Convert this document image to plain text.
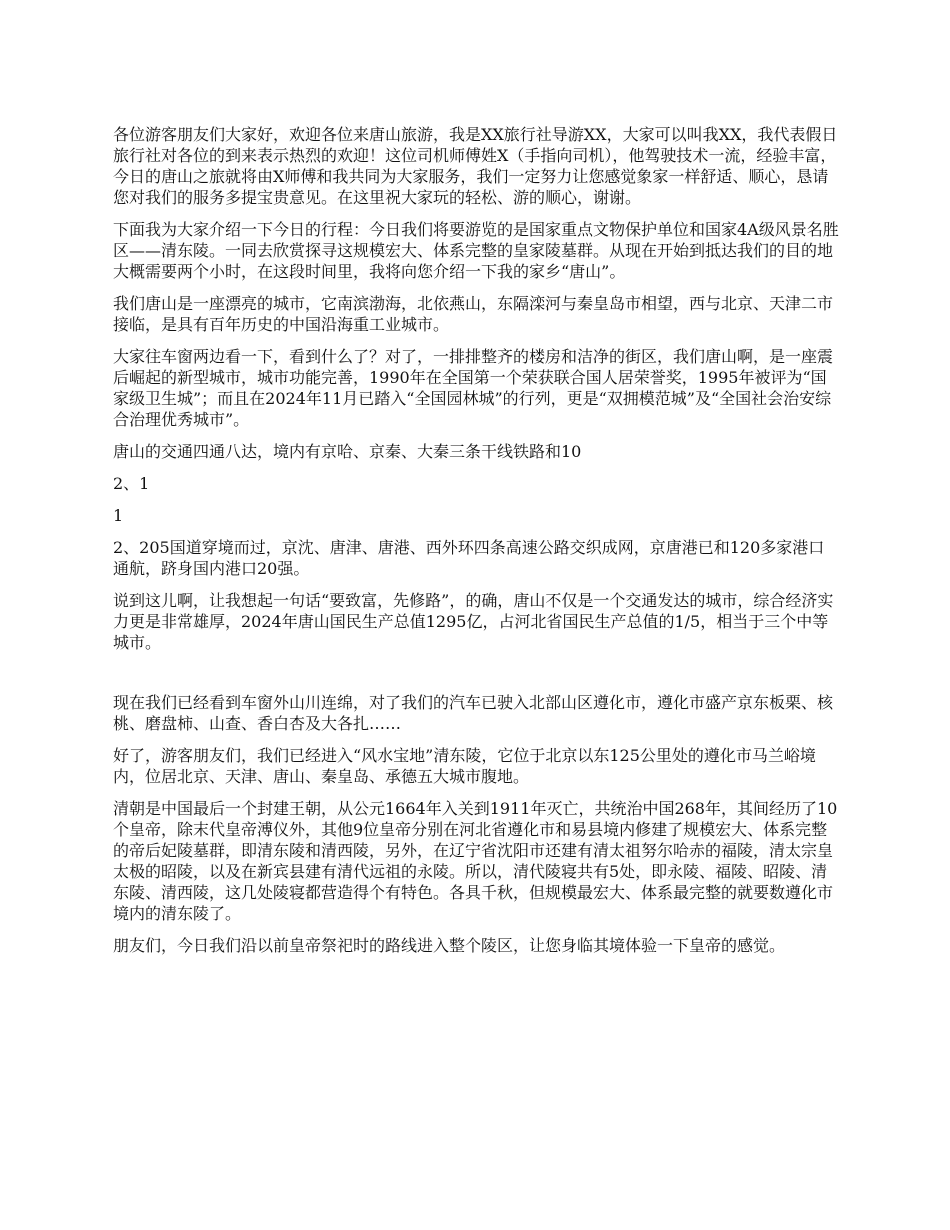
各位游客朋友们大家好，欢迎各位来唐山旅游，我是XX旅行社导游XX，大家可以叫我XX，我代表假日旅行社对各位的到来表示热烈的欢迎！这位司机师傅姓X（手指向司机），他驾驶技术一流，经验丰富，今日的唐山之旅就将由X师傅和我共同为大家服务，我们一定努力让您感觉象家一样舒适、顺心，恳请您对我们的服务多提宝贵意见。在这里祝大家玩的轻松、游的顺心，谢谢。

下面我为大家介绍一下今日的行程：今日我们将要游览的是国家重点文物保护单位和国家4A级风景名胜区——清东陵。一同去欣赏探寻这规模宏大、体系完整的皇家陵墓群。从现在开始到抵达我们的目的地大概需要两个小时，在这段时间里，我将向您介绍一下我的家乡“唐山”。

我们唐山是一座漂亮的城市，它南滨渤海，北依燕山，东隔滦河与秦皇岛市相望，西与北京、天津二市接临，是具有百年历史的中国沿海重工业城市。

大家往车窗两边看一下，看到什么了？对了，一排排整齐的楼房和洁净的街区，我们唐山啊，是一座震后崛起的新型城市，城市功能完善，1990年在全国第一个荣获联合国人居荣誉奖，1995年被评为“国家级卫生城”；而且在2024年11月已踏入“全国园林城”的行列，更是“双拥模范城”及“全国社会治安综合治理优秀城市”。

唐山的交通四通八达，境内有京哈、京秦、大秦三条干线铁路和10

2、1

1

2、205国道穿境而过，京沈、唐津、唐港、西外环四条高速公路交织成网，京唐港已和120多家港口通航，跻身国内港口20强。

说到这儿啊，让我想起一句话“要致富，先修路”，的确，唐山不仅是一个交通发达的城市，综合经济实力更是非常雄厚，2024年唐山国民生产总值1295亿，占河北省国民生产总值的1/5，相当于三个中等城市。

现在我们已经看到车窗外山川连绵，对了我们的汽车已驶入北部山区遵化市，遵化市盛产京东板栗、核桃、磨盘柿、山查、香白杏及大各扎……

好了，游客朋友们，我们已经进入“风水宝地”清东陵，它位于北京以东125公里处的遵化市马兰峪境内，位居北京、天津、唐山、秦皇岛、承德五大城市腹地。

清朝是中国最后一个封建王朝，从公元1664年入关到1911年灭亡，共统治中国268年，其间经历了10个皇帝，除末代皇帝溥仪外，其他9位皇帝分别在河北省遵化市和易县境内修建了规模宏大、体系完整的帝后妃陵墓群，即清东陵和清西陵，另外，在辽宁省沈阳市还建有清太祖努尔哈赤的福陵，清太宗皇太极的昭陵，以及在新宾县建有清代远祖的永陵。所以，清代陵寝共有5处，即永陵、福陵、昭陵、清东陵、清西陵，这几处陵寝都营造得个有特色。各具千秋，但规模最宏大、体系最完整的就要数遵化市境内的清东陵了。

朋友们，今日我们沿以前皇帝祭祀时的路线进入整个陵区，让您身临其境体验一下皇帝的感觉。
